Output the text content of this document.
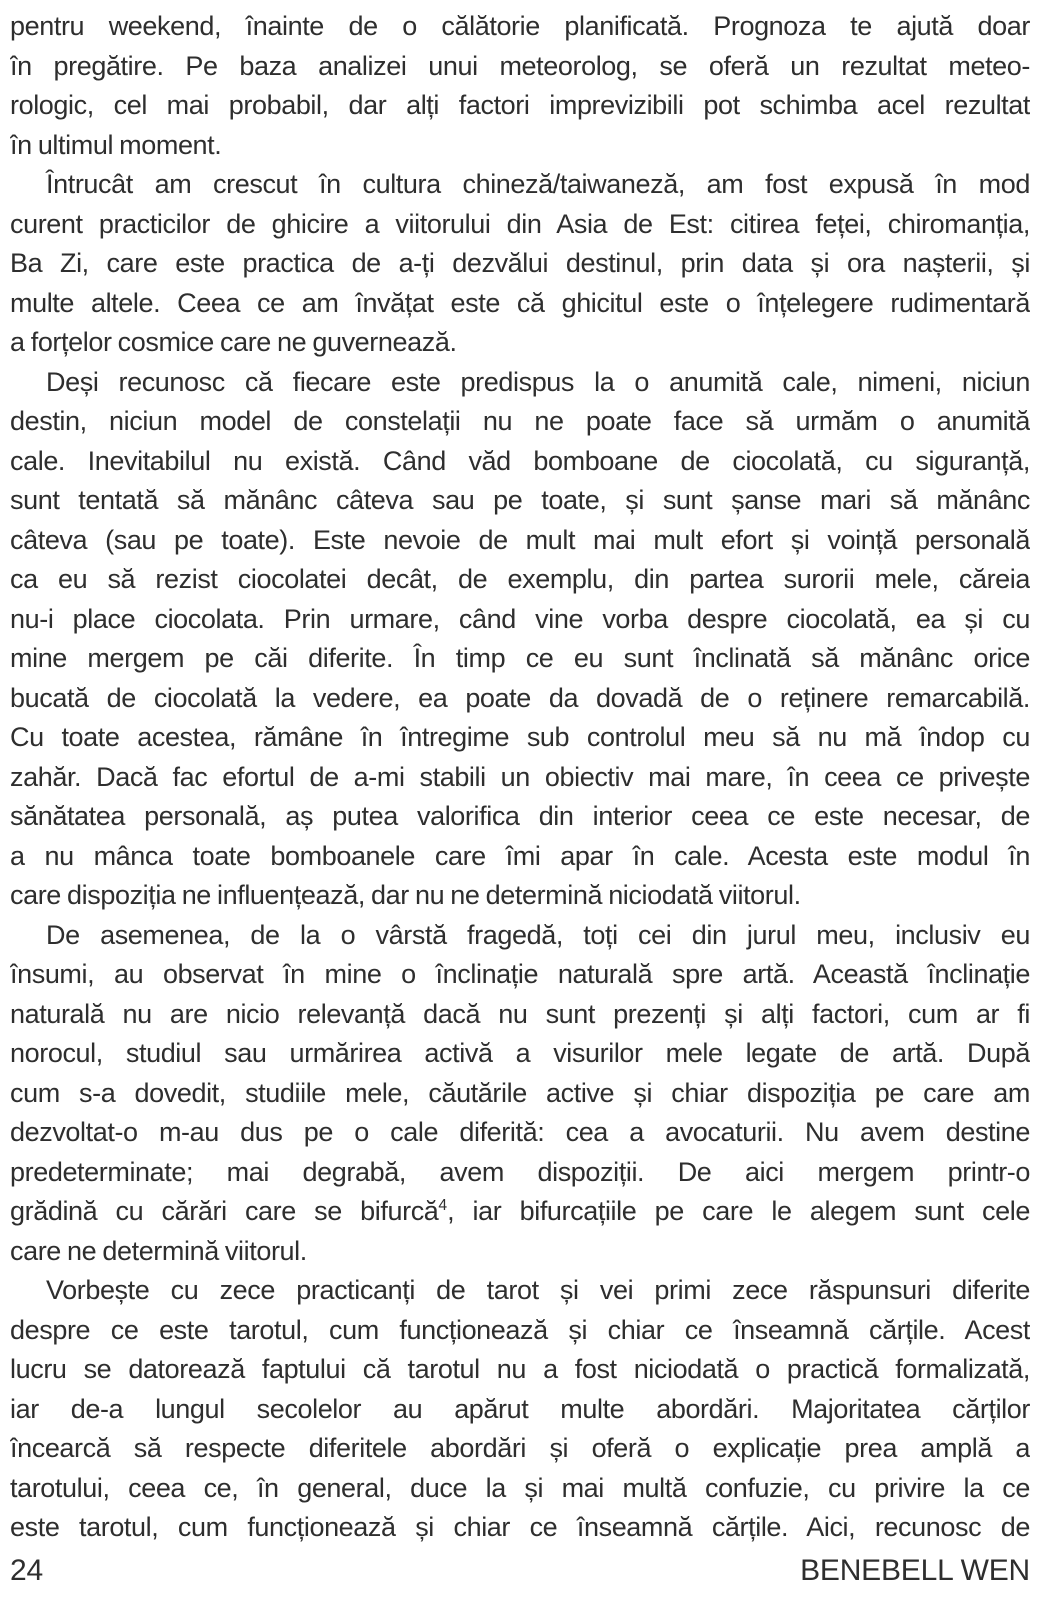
pentru weekend, înainte de o călătorie planificată. Prognoza te ajută doar
în pregătire. Pe baza analizei unui meteorolog, se oferă un rezultat meteo-
rologic, cel mai probabil, dar alți factori imprevizibili pot schimba acel rezultat
în ultimul moment.
Întrucât am crescut în cultura chineză/taiwaneză, am fost expusă în mod
curent practicilor de ghicire a viitorului din Asia de Est: citirea feței, chiromanția,
Ba Zi, care este practica de a-ți dezvălui destinul, prin data și ora nașterii, și
multe altele. Ceea ce am învățat este că ghicitul este o înțelegere rudimentară
a forțelor cosmice care ne guvernează.
Deși recunosc că fiecare este predispus la o anumită cale, nimeni, niciun
destin, niciun model de constelații nu ne poate face să urmăm o anumită
cale. Inevitabilul nu există. Când văd bomboane de ciocolată, cu siguranță,
sunt tentată să mănânc câteva sau pe toate, și sunt șanse mari să mănânc
câteva (sau pe toate). Este nevoie de mult mai mult efort și voință personală
ca eu să rezist ciocolatei decât, de exemplu, din partea surorii mele, căreia
nu-i place ciocolata. Prin urmare, când vine vorba despre ciocolată, ea și cu
mine mergem pe căi diferite. În timp ce eu sunt înclinată să mănânc orice
bucată de ciocolată la vedere, ea poate da dovadă de o reținere remarcabilă.
Cu toate acestea, rămâne în întregime sub controlul meu să nu mă îndop cu
zahăr. Dacă fac efortul de a-mi stabili un obiectiv mai mare, în ceea ce privește
sănătatea personală, aș putea valorifica din interior ceea ce este necesar, de
a nu mânca toate bomboanele care îmi apar în cale. Acesta este modul în
care dispoziția ne influențează, dar nu ne determină niciodată viitorul.
De asemenea, de la o vârstă fragedă, toți cei din jurul meu, inclusiv eu
însumi, au observat în mine o înclinație naturală spre artă. Această înclinație
naturală nu are nicio relevanță dacă nu sunt prezenți și alți factori, cum ar fi
norocul, studiul sau urmărirea activă a visurilor mele legate de artă. După
cum s-a dovedit, studiile mele, căutările active și chiar dispoziția pe care am
dezvoltat-o m-au dus pe o cale diferită: cea a avocaturii. Nu avem destine
predeterminate; mai degrabă, avem dispoziții. De aici mergem printr-o
grădină cu cărări care se bifurcă$^4$, iar bifurcațiile pe care le alegem sunt cele
care ne determină viitorul.
Vorbește cu zece practicanți de tarot și vei primi zece răspunsuri diferite
despre ce este tarotul, cum funcționează și chiar ce înseamnă cărțile. Acest
lucru se datorează faptului că tarotul nu a fost niciodată o practică formalizată,
iar de-a lungul secolelor au apărut multe abordări. Majoritatea cărților
încearcă să respecte diferitele abordări și oferă o explicație prea amplă a
tarotului, ceea ce, în general, duce la și mai multă confuzie, cu privire la ce
este tarotul, cum funcționează și chiar ce înseamnă cărțile. Aici, recunosc de
24	BENEBELL WEN
